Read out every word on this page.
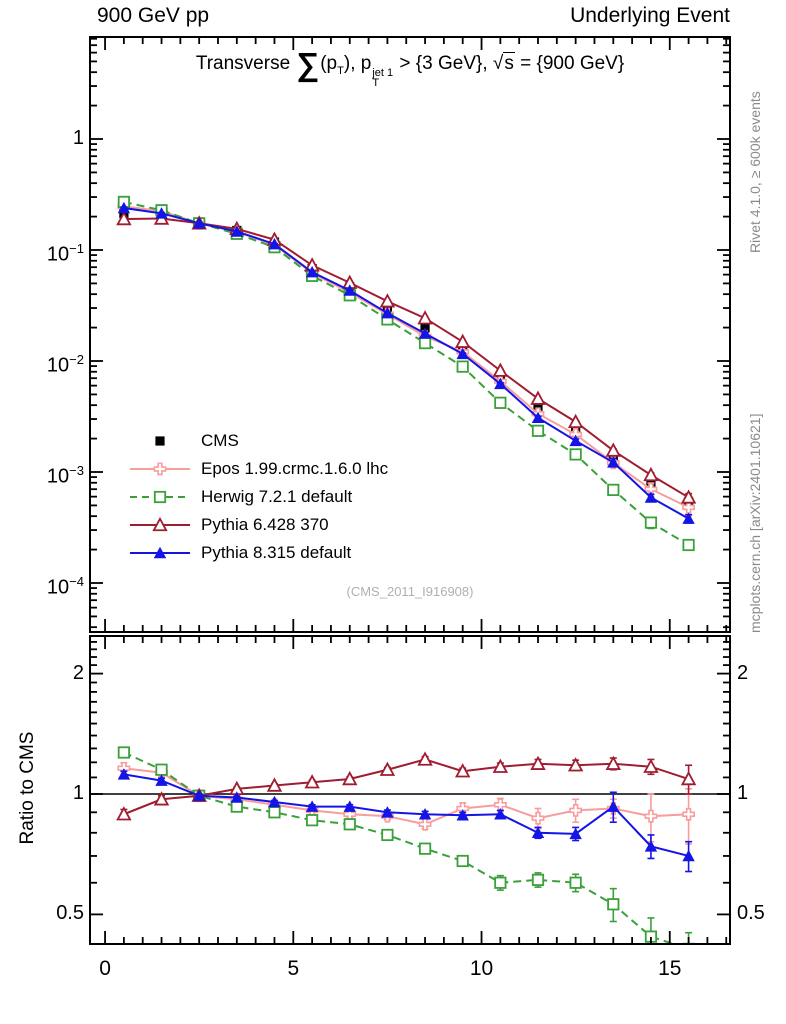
900 GeV pp	Underlying Event
Transverse $\sum(p_T)$, p jet 1
T
> {3 GeV}, √s = {900 GeV}
CMS
Epos 1.99.crmc.1.6.0 lhc
Herwig 7.2.1 default
Pythia 6.428 370
Pythia 8.315 default
(CMS_2011_I916908)
Rivet 4.1.0, ≥ 600k events
mcplots.cern.ch [arXiv:2401.10621]
Ratio to CMS
1
$10^{-1}$
$10^{-2}$
$10^{-3}$
$10^{-4}$
2	2
1	1
0.5	0.5
0	5	10	15
